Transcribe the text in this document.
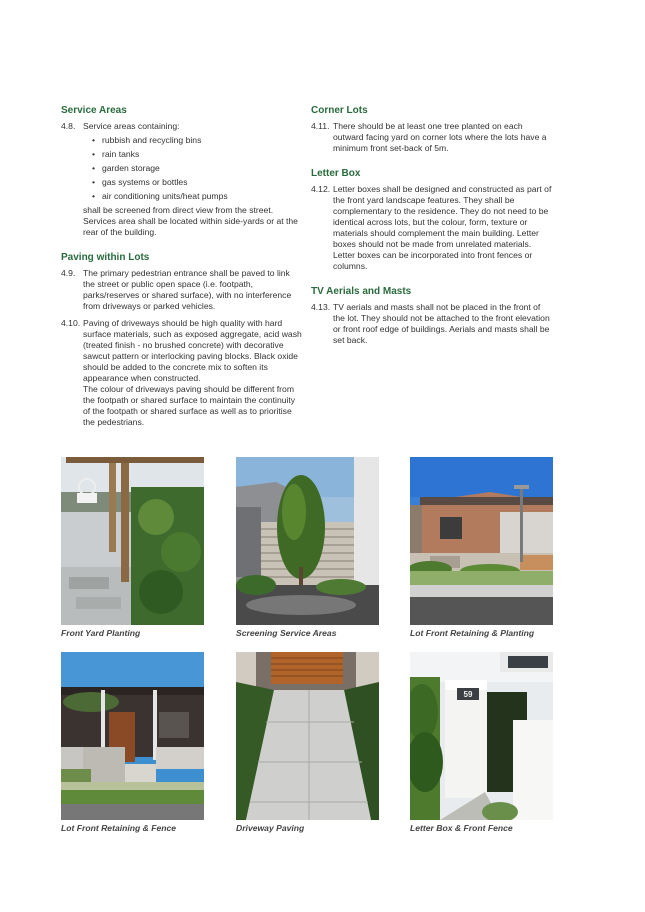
Service Areas
4.8. Service areas containing:
• rubbish and recycling bins
• rain tanks
• garden storage
• gas systems or bottles
• air conditioning units/heat pumps
shall be screened from direct view from the street. Services area shall be located within side-yards or at the rear of the building.
Paving within Lots
4.9. The primary pedestrian entrance shall be paved to link the street or public open space (i.e. footpath, parks/reserves or shared surface), with no interference from driveways or parked vehicles.
4.10. Paving of driveways should be high quality with hard surface materials, such as exposed aggregate, acid wash (treated finish - no brushed concrete) with decorative sawcut pattern or interlocking paving blocks. Black oxide should be added to the concrete mix to soften its appearance when constructed.
The colour of driveways paving should be different from the footpath or shared surface to maintain the continuity of the footpath or shared surface as well as to prioritise the pedestrians.
Corner Lots
4.11. There should be at least one tree planted on each outward facing yard on corner lots where the lots have a minimum front set-back of 5m.
Letter Box
4.12. Letter boxes shall be designed and constructed as part of the front yard landscape features. They shall be complementary to the residence. They do not need to be identical across lots, but the colour, form, texture or materials should complement the main building. Letter boxes should not be made from unrelated materials. Letter boxes can be incorporated into front fences or columns.
TV Aerials and Masts
4.13. TV aerials and masts shall not be placed in the front of the lot. They should not be attached to the front elevation or front roof edge of buildings. Aerials and masts shall be set back.
Front Yard Planting	Screening Service Areas	Lot Front Retaining & Planting
Lot Front Retaining & Fence	Driveway Paving
59
Letter Box & Front Fence
